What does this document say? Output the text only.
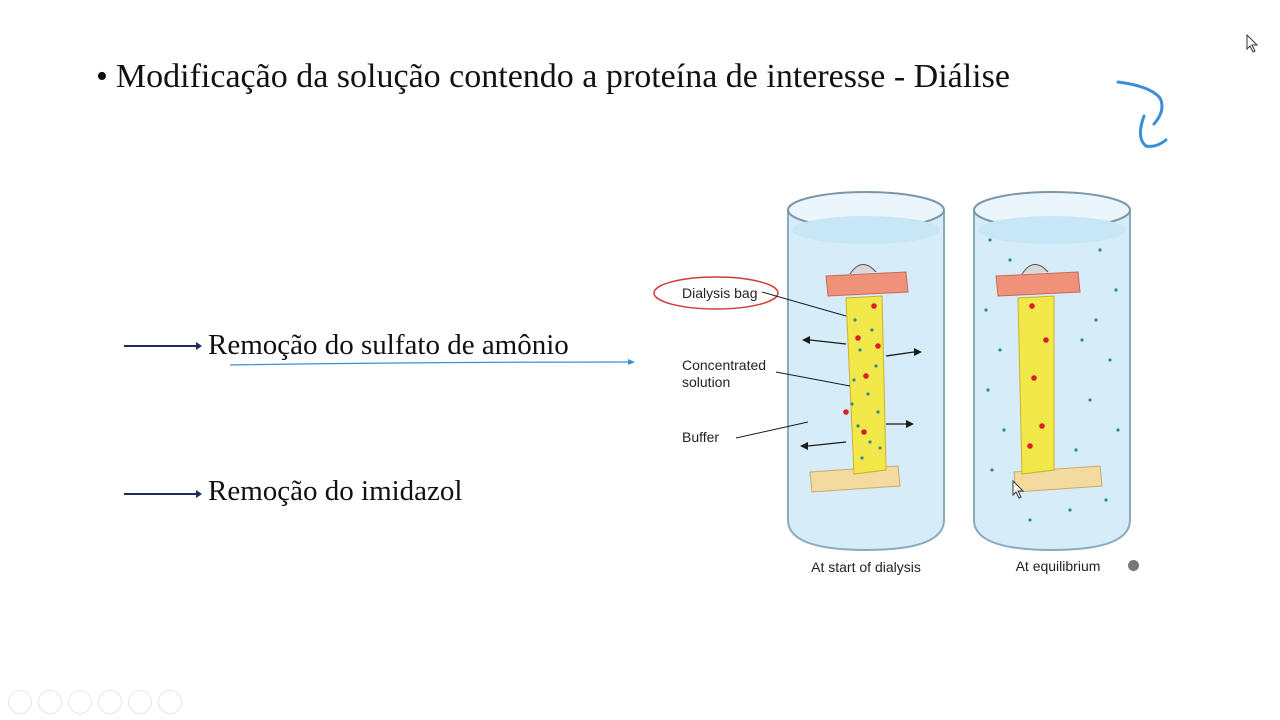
• Modificação da solução contendo a proteína de interesse - Diálise
Remoção do sulfato de amônio
Remoção do imidazol
Dialysis bag
Concentrated
solution
Buffer
At start of dialysis	At equilibrium
